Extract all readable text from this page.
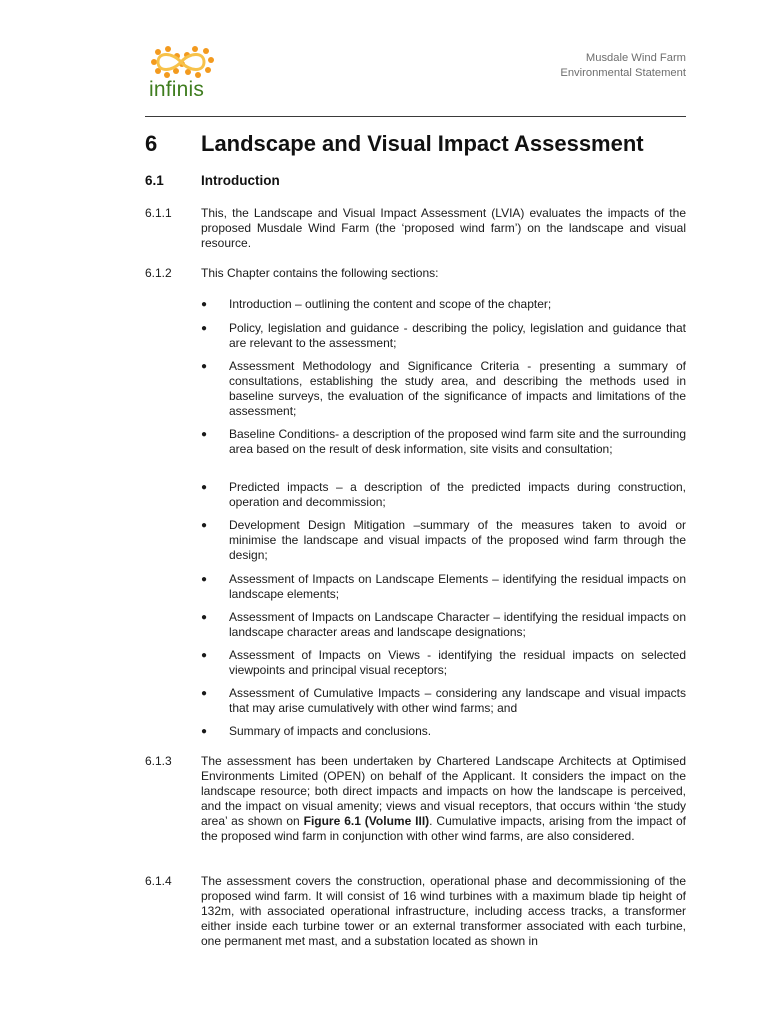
infinis
Musdale Wind Farm
Environmental Statement
6 Landscape and Visual Impact Assessment
6.1	Introduction
6.1.1 This, the Landscape and Visual Impact Assessment (LVIA) evaluates the impacts of the proposed Musdale Wind Farm (the ‘proposed wind farm’) on the landscape and visual resource.
6.1.2 This Chapter contains the following sections:
● Introduction – outlining the content and scope of the chapter;
● Policy, legislation and guidance - describing the policy, legislation and guidance that are relevant to the assessment;
● Assessment Methodology and Significance Criteria - presenting a summary of consultations, establishing the study area, and describing the methods used in baseline surveys, the evaluation of the significance of impacts and limitations of the assessment;
● Baseline Conditions- a description of the proposed wind farm site and the surrounding area based on the result of desk information, site visits and consultation;
● Predicted impacts – a description of the predicted impacts during construction, operation and decommission;
● Development Design Mitigation –summary of the measures taken to avoid or minimise the landscape and visual impacts of the proposed wind farm through the design;
● Assessment of Impacts on Landscape Elements – identifying the residual impacts on landscape elements;
● Assessment of Impacts on Landscape Character – identifying the residual impacts on landscape character areas and landscape designations;
● Assessment of Impacts on Views - identifying the residual impacts on selected viewpoints and principal visual receptors;
● Assessment of Cumulative Impacts – considering any landscape and visual impacts that may arise cumulatively with other wind farms; and
● Summary of impacts and conclusions.
6.1.3 The assessment has been undertaken by Chartered Landscape Architects at Optimised Environments Limited (OPEN) on behalf of the Applicant. It considers the impact on the landscape resource; both direct impacts and impacts on how the landscape is perceived, and the impact on visual amenity; views and visual receptors, that occurs within ‘the study area’ as shown on Figure 6.1 (Volume III). Cumulative impacts, arising from the impact of the proposed wind farm in conjunction with other wind farms, are also considered.
6.1.4 The assessment covers the construction, operational phase and decommissioning of the proposed wind farm. It will consist of 16 wind turbines with a maximum blade tip height of 132m, with associated operational infrastructure, including access tracks, a transformer either inside each turbine tower or an external transformer associated with each turbine, one permanent met mast, and a substation located as shown in
